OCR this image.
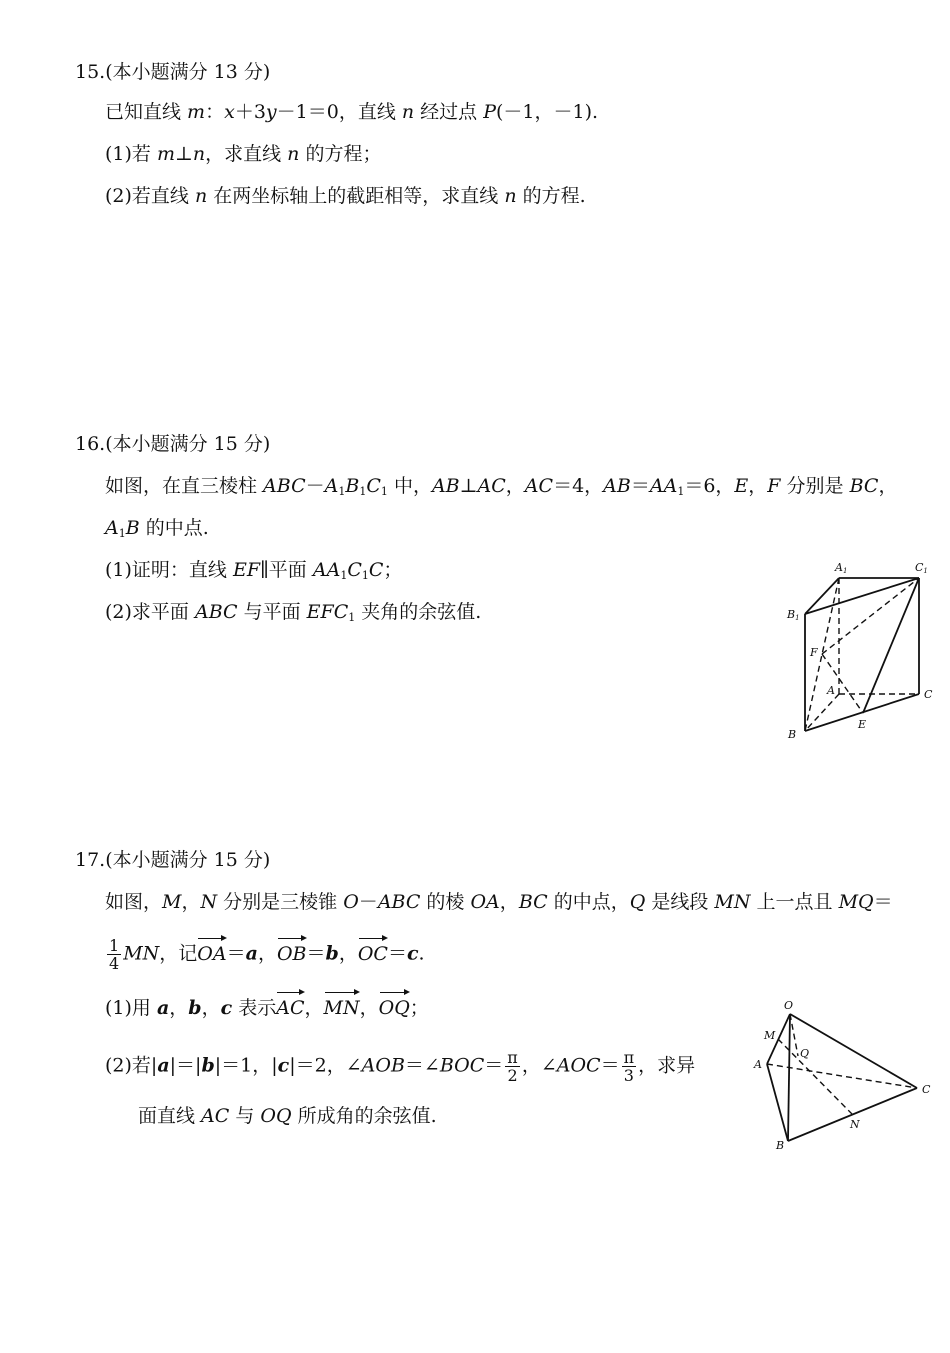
15.(本小题满分 13 分)
已知直线 m：x＋3y－1＝0，直线 n 经过点 P(－1，－1).
(1)若 m⊥n，求直线 n 的方程；
(2)若直线 n 在两坐标轴上的截距相等，求直线 n 的方程.
16.(本小题满分 15 分)
如图，在直三棱柱 $ABC-A_1B_1C_1$ 中，AB⊥AC，AC＝4，$AB=AA_1=6$，E，F 分别是 BC，
$A_1B$ 的中点.
(1)证明：直线 EF∥平面 $AA_1C_1C$；
(2)求平面 ABC 与平面 $EFC_1$ 夹角的余弦值.
A1	C1
B1
F
A	C
B
E
17.(本小题满分 15 分)
如图，M，N 分别是三棱锥 O－ABC 的棱 OA，BC 的中点，Q 是线段 MN 上一点且 MQ＝
$\frac{1}{4}$ MN，记OA＝a，OB＝b，OC＝c.
(1)用 a，b，c 表示AC，MN，OQ；
(2)若|a|＝|b|＝1，|c|＝2，∠AOB＝∠BOC＝ $\frac{\pi}{2}$ ，∠AOC＝ $\frac{\pi}{3}$ ，求异
面直线 AC 与 OQ 所成角的余弦值.
O
M
Q
A
C
N
B
